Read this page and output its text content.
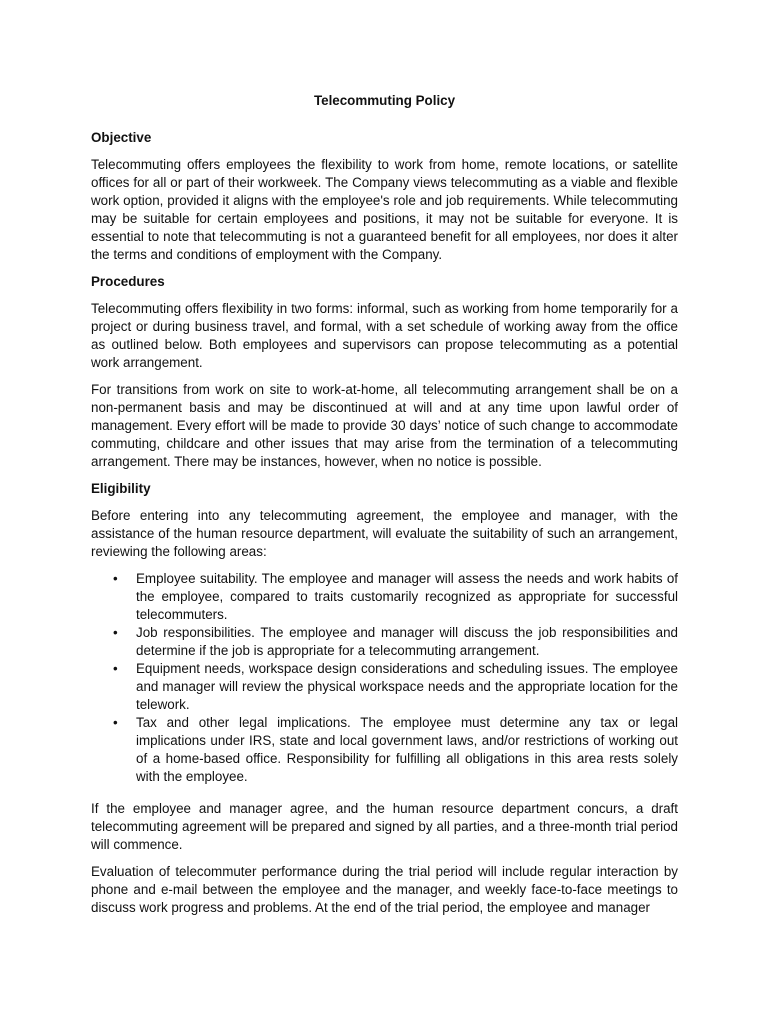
Telecommuting Policy
Objective

Telecommuting offers employees the flexibility to work from home, remote locations, or satellite offices for all or part of their workweek. The Company views telecommuting as a viable and flexible work option, provided it aligns with the employee's role and job requirements. While telecommuting may be suitable for certain employees and positions, it may not be suitable for everyone. It is essential to note that telecommuting is not a guaranteed benefit for all employees, nor does it alter the terms and conditions of employment with the Company.

Procedures

Telecommuting offers flexibility in two forms: informal, such as working from home temporarily for a project or during business travel, and formal, with a set schedule of working away from the office as outlined below. Both employees and supervisors can propose telecommuting as a potential work arrangement.

For transitions from work on site to work-at-home, all telecommuting arrangement shall be on a non-permanent basis and may be discontinued at will and at any time upon lawful order of management. Every effort will be made to provide 30 days’ notice of such change to accommodate commuting, childcare and other issues that may arise from the termination of a telecommuting arrangement. There may be instances, however, when no notice is possible.

Eligibility

Before entering into any telecommuting agreement, the employee and manager, with the assistance of the human resource department, will evaluate the suitability of such an arrangement, reviewing the following areas:

• Employee suitability. The employee and manager will assess the needs and work habits of the employee, compared to traits customarily recognized as appropriate for successful telecommuters.
• Job responsibilities. The employee and manager will discuss the job responsibilities and determine if the job is appropriate for a telecommuting arrangement.
• Equipment needs, workspace design considerations and scheduling issues. The employee and manager will review the physical workspace needs and the appropriate location for the telework.
• Tax and other legal implications. The employee must determine any tax or legal implications under IRS, state and local government laws, and/or restrictions of working out of a home-based office. Responsibility for fulfilling all obligations in this area rests solely with the employee.

If the employee and manager agree, and the human resource department concurs, a draft telecommuting agreement will be prepared and signed by all parties, and a three-month trial period will commence.

Evaluation of telecommuter performance during the trial period will include regular interaction by phone and e-mail between the employee and the manager, and weekly face-to-face meetings to discuss work progress and problems. At the end of the trial period, the employee and manager
